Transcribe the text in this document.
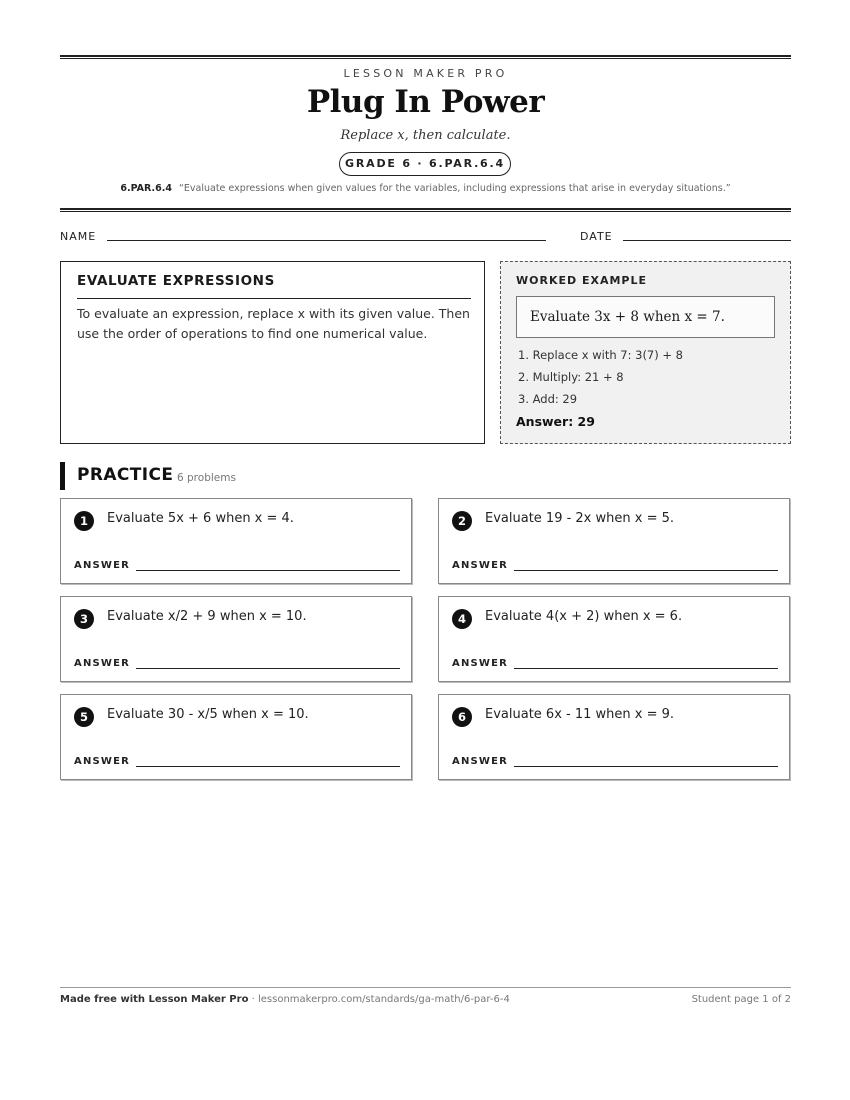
LESSON MAKER PRO
Plug In Power
Replace x, then calculate.
GRADE 6 · 6.PAR.6.4
6.PAR.6.4 “Evaluate expressions when given values for the variables, including expressions that arise in everyday situations.”
NAME	DATE
EVALUATE EXPRESSIONS

To evaluate an expression, replace x with its given value. Then use the order of operations to find one numerical value.

WORKED EXAMPLE
Evaluate 3x + 8 when x = 7.
1. Replace x with 7: 3(7) + 8
2. Multiply: 21 + 8
3. Add: 29
Answer: 29
PRACTICE 6 problems
1	Evaluate 5x + 6 when x = 4.
ANSWER
2	Evaluate 19 - 2x when x = 5.
ANSWER
3	Evaluate x/2 + 9 when x = 10.
ANSWER
4	Evaluate 4(x + 2) when x = 6.
ANSWER
5	Evaluate 30 - x/5 when x = 10.
ANSWER
6	Evaluate 6x - 11 when x = 9.
ANSWER
Made free with Lesson Maker Pro · lessonmakerpro.com/standards/ga-math/6-par-6-4	Student page 1 of 2
